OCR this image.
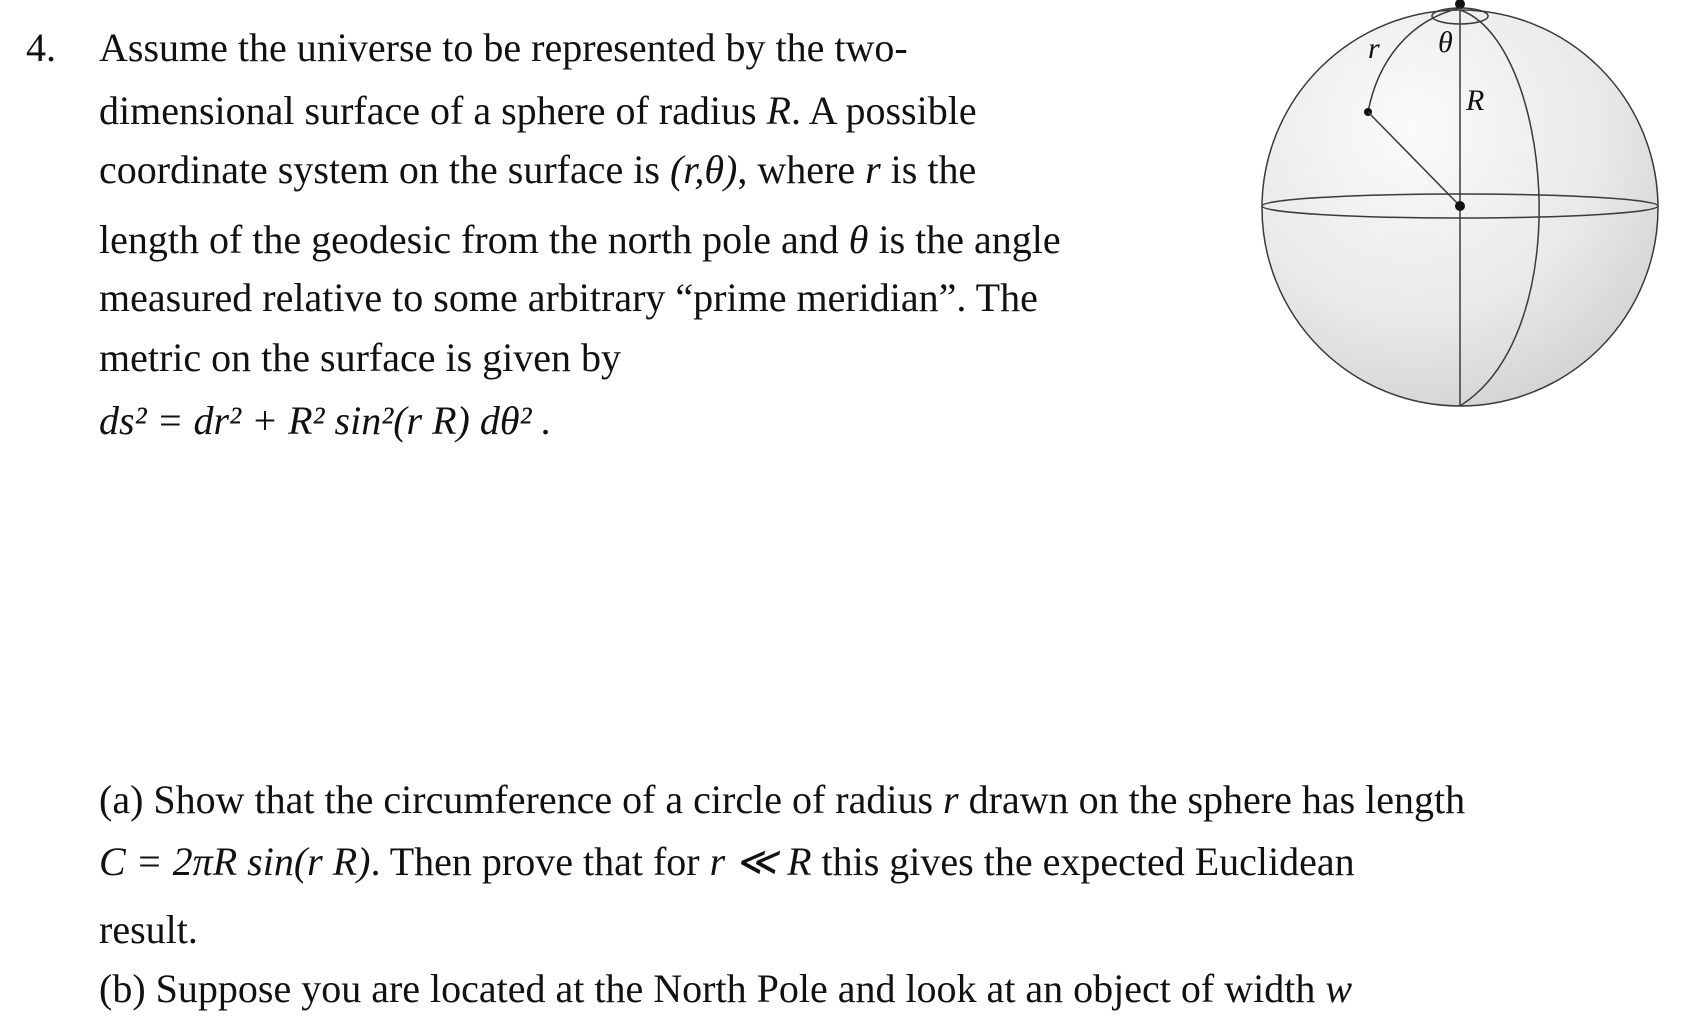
4. Assume the universe to be represented by the two-
dimensional surface of a sphere of radius R. A possible
coordinate system on the surface is (r,θ), where r is the
length of the geodesic from the north pole and θ is the angle
measured relative to some arbitrary “prime meridian”. The
metric on the surface is given by
ds² = dr² + R² sin²(r R) dθ² .
(a) Show that the circumference of a circle of radius r drawn on the sphere has length
C = 2πR sin(r R). Then prove that for r ≪ R this gives the expected Euclidean
result.
(b) Suppose you are located at the North Pole and look at an object of width w
r θ
R
